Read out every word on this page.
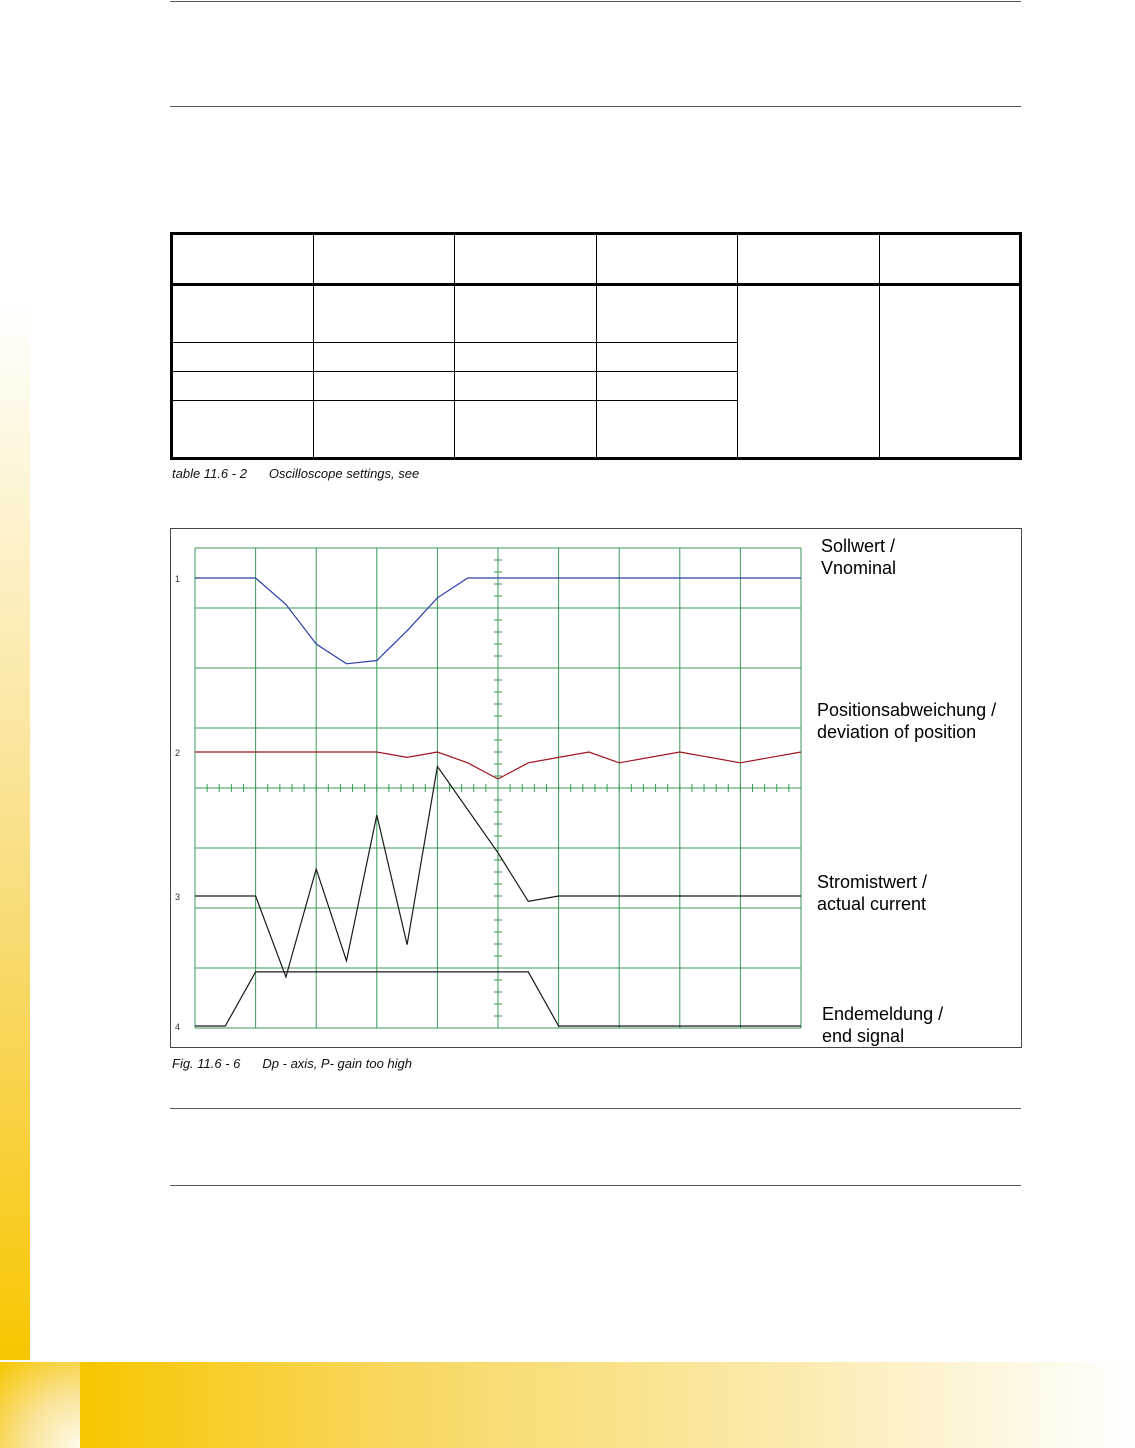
table 11.6 - 2 Oscilloscope settings, see
1
2
3
4
Sollwert /
Vnominal
Positionsabweichung /
deviation of position
Stromistwert /
actual current
Endemeldung /
end signal
Fig. 11.6 - 6 Dp - axis, P- gain too high
